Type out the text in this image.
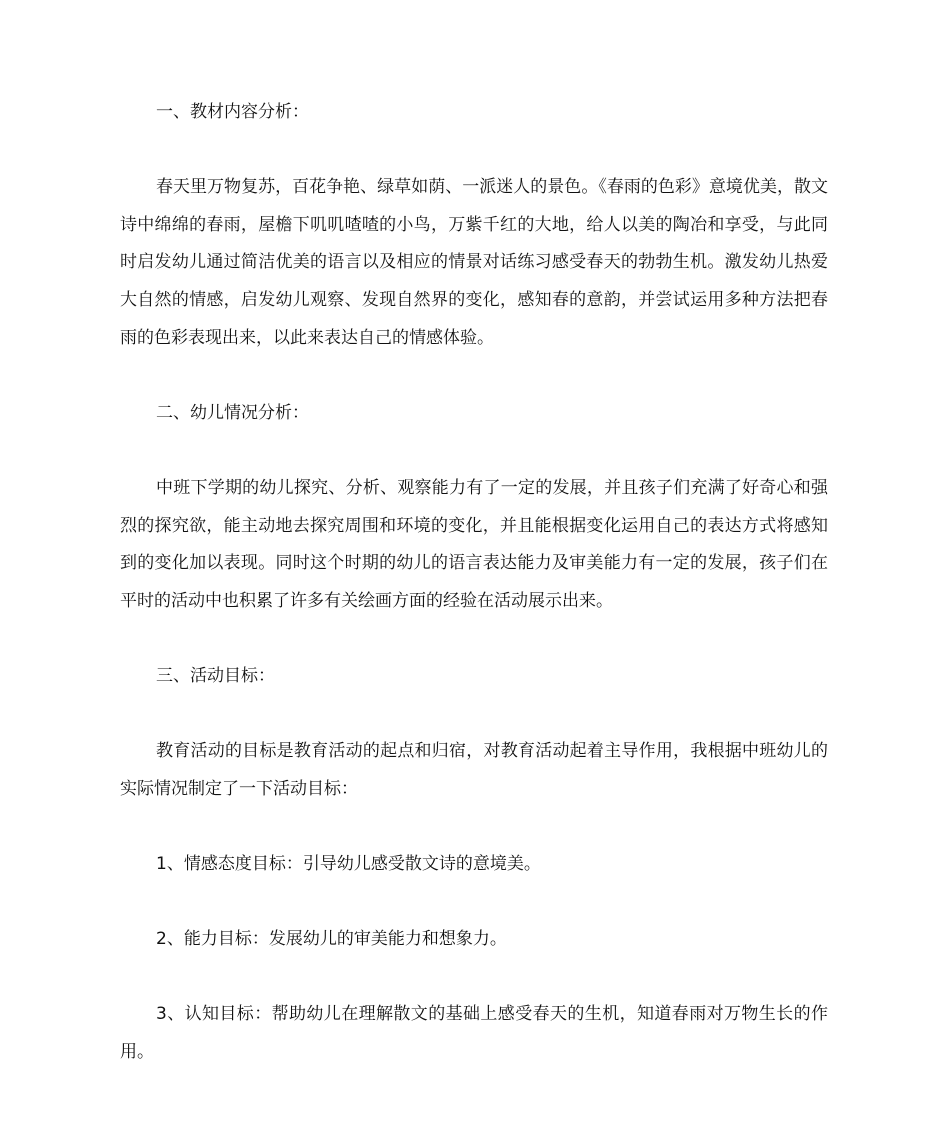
一、教材内容分析：

春天里万物复苏，百花争艳、绿草如荫、一派迷人的景色。《春雨的色彩》意境优美，散文诗中绵绵的春雨，屋檐下叽叽喳喳的小鸟，万紫千红的大地，给人以美的陶冶和享受，与此同时启发幼儿通过简洁优美的语言以及相应的情景对话练习感受春天的勃勃生机。激发幼儿热爱大自然的情感，启发幼儿观察、发现自然界的变化，感知春的意韵，并尝试运用多种方法把春雨的色彩表现出来，以此来表达自己的情感体验。

二、幼儿情况分析：

中班下学期的幼儿探究、分析、观察能力有了一定的发展，并且孩子们充满了好奇心和强烈的探究欲，能主动地去探究周围和环境的变化，并且能根据变化运用自己的表达方式将感知到的变化加以表现。同时这个时期的幼儿的语言表达能力及审美能力有一定的发展，孩子们在平时的活动中也积累了许多有关绘画方面的经验在活动展示出来。

三、活动目标：

教育活动的目标是教育活动的起点和归宿，对教育活动起着主导作用，我根据中班幼儿的实际情况制定了一下活动目标：

1、情感态度目标：引导幼儿感受散文诗的意境美。

2、能力目标：发展幼儿的审美能力和想象力。

3、认知目标：帮助幼儿在理解散文的基础上感受春天的生机，知道春雨对万物生长的作用。
